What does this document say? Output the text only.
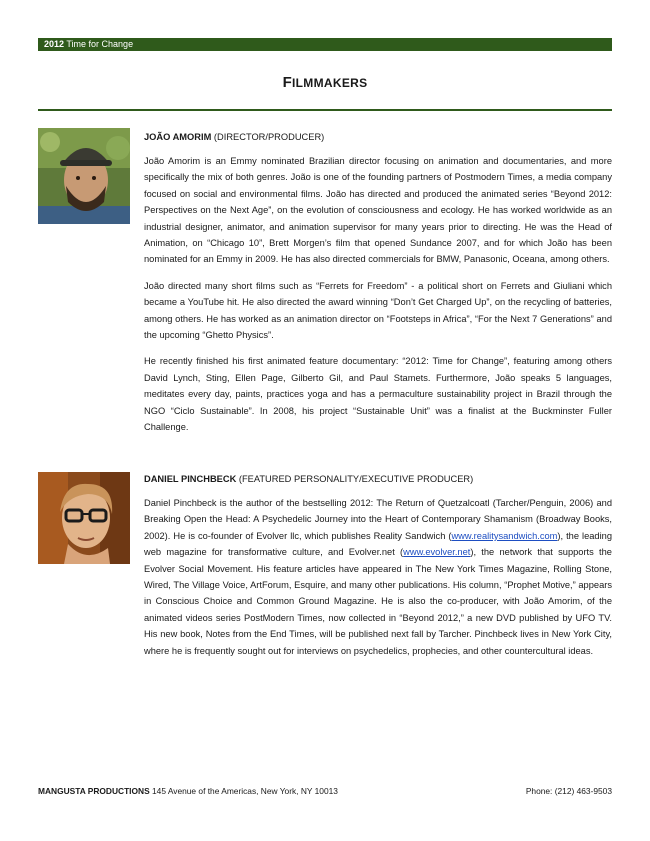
2012 Time for Change
FILMMAKERS
JOÃO AMORIM (DIRECTOR/PRODUCER)

João Amorim is an Emmy nominated Brazilian director focusing on animation and documentaries, and more specifically the mix of both genres. João is one of the founding partners of Postmodern Times, a media company focused on social and environmental films. João has directed and produced the animated series “Beyond 2012: Perspectives on the Next Age”, on the evolution of consciousness and ecology. He has worked worldwide as an industrial designer, animator, and animation supervisor for many years prior to directing. He was the Head of Animation, on “Chicago 10”, Brett Morgen’s film that opened Sundance 2007, and for which João has been nominated for an Emmy in 2009. He has also directed commercials for BMW, Panasonic, Oceana, among others.

João directed many short films such as “Ferrets for Freedom” - a political short on Ferrets and Giuliani which became a YouTube hit. He also directed the award winning “Don’t Get Charged Up”, on the recycling of batteries, among others. He has worked as an animation director on “Footsteps in Africa”, “For the Next 7 Generations” and the upcoming “Ghetto Physics”.

He recently finished his first animated feature documentary: “2012: Time for Change”, featuring among others David Lynch, Sting, Ellen Page, Gilberto Gil, and Paul Stamets. Furthermore, João speaks 5 languages, meditates every day, paints, practices yoga and has a permaculture sustainability project in Brazil through the NGO “Ciclo Sustainable”. In 2008, his project “Sustainable Unit” was a finalist at the Buckminster Fuller Challenge.

DANIEL PINCHBECK (FEATURED PERSONALITY/EXECUTIVE PRODUCER)

Daniel Pinchbeck is the author of the bestselling 2012: The Return of Quetzalcoatl (Tarcher/Penguin, 2006) and Breaking Open the Head: A Psychedelic Journey into the Heart of Contemporary Shamanism (Broadway Books, 2002). He is co-founder of Evolver llc, which publishes Reality Sandwich (www.realitysandwich.com), the leading web magazine for transformative culture, and Evolver.net (www.evolver.net), the network that supports the Evolver Social Movement. His feature articles have appeared in The New York Times Magazine, Rolling Stone, Wired, The Village Voice, ArtForum, Esquire, and many other publications. His column, “Prophet Motive,” appears in Conscious Choice and Common Ground Magazine. He is also the co-producer, with João Amorim, of the animated videos series PostModern Times, now collected in “Beyond 2012,” a new DVD published by UFO TV. His new book, Notes from the End Times, will be published next fall by Tarcher. Pinchbeck lives in New York City, where he is frequently sought out for interviews on psychedelics, prophecies, and other countercultural ideas.

MANGUSTA PRODUCTIONS 145 Avenue of the Americas, New York, NY 10013	Phone: (212) 463-9503
